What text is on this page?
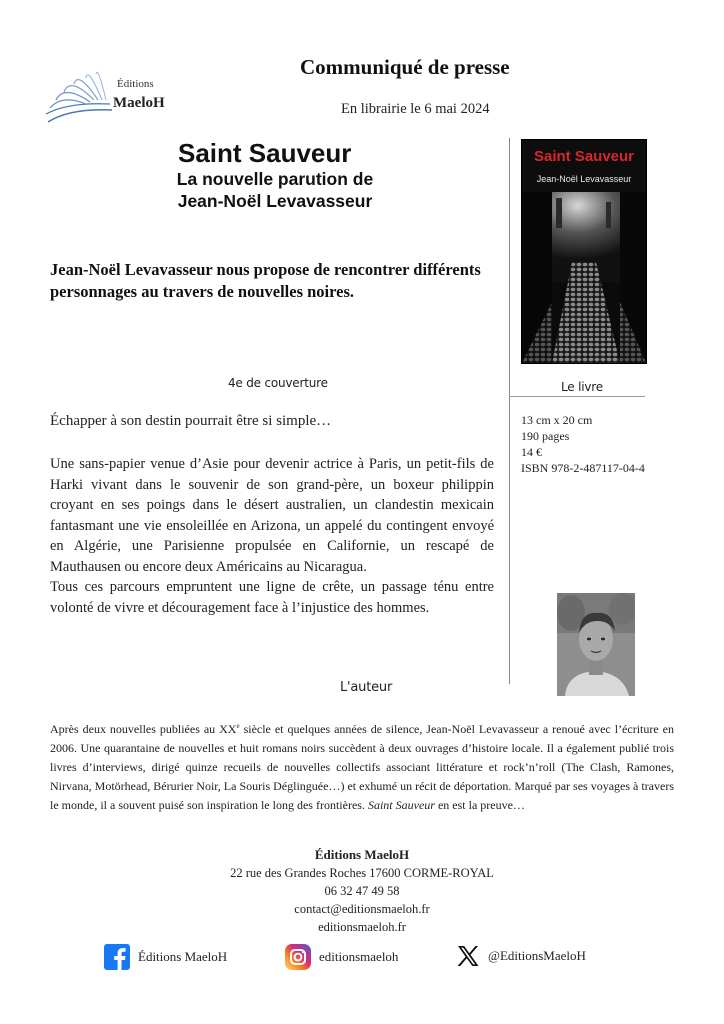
Éditions
MaeloH
Communiqué de presse
En librairie le 6 mai 2024
Saint Sauveur
La nouvelle parution de
Jean-Noël Levavasseur
Jean-Noël Levavasseur nous propose de rencontrer différents personnages au travers de nouvelles noires.
Saint Sauveur
Jean-Noël Levavasseur
4e de couverture	Le livre
13 cm x 20 cm
190 pages
14 €
ISBN 978-2-487117-04-4
Échapper à son destin pourrait être si simple…

Une sans-papier venue d’Asie pour devenir actrice à Paris, un petit-fils de Harki vivant dans le souvenir de son grand-père, un boxeur philippin croyant en ses poings dans le désert australien, un clandestin mexicain fantasmant une vie ensoleillée en Arizona, un appelé du contingent envoyé en Algérie, une Parisienne propulsée en Californie, un rescapé de Mauthausen ou encore deux Américains au Nicaragua.

Tous ces parcours empruntent une ligne de crête, un passage ténu entre volonté de vivre et découragement face à l’injustice des hommes.

L'auteur
Après deux nouvelles publiées au XXe siècle et quelques années de silence, Jean-Noël Levavasseur a renoué avec l’écriture en 2006. Une quarantaine de nouvelles et huit romans noirs succèdent à deux ouvrages d’histoire locale. Il a également publié trois livres d’interviews, dirigé quinze recueils de nouvelles collectifs associant littérature et rock’n’roll (The Clash, Ramones, Nirvana, Motörhead, Bérurier Noir, La Souris Déglinguée…) et exhumé un récit de déportation. Marqué par ses voyages à travers le monde, il a souvent puisé son inspiration le long des frontières. Saint Sauveur en est la preuve…
Éditions MaeloH
22 rue des Grandes Roches 17600 CORME-ROYAL
06 32 47 49 58
contact@editionsmaeloh.fr
editionsmaeloh.fr
Éditions MaeloH	editionsmaeloh	@EditionsMaeloH
